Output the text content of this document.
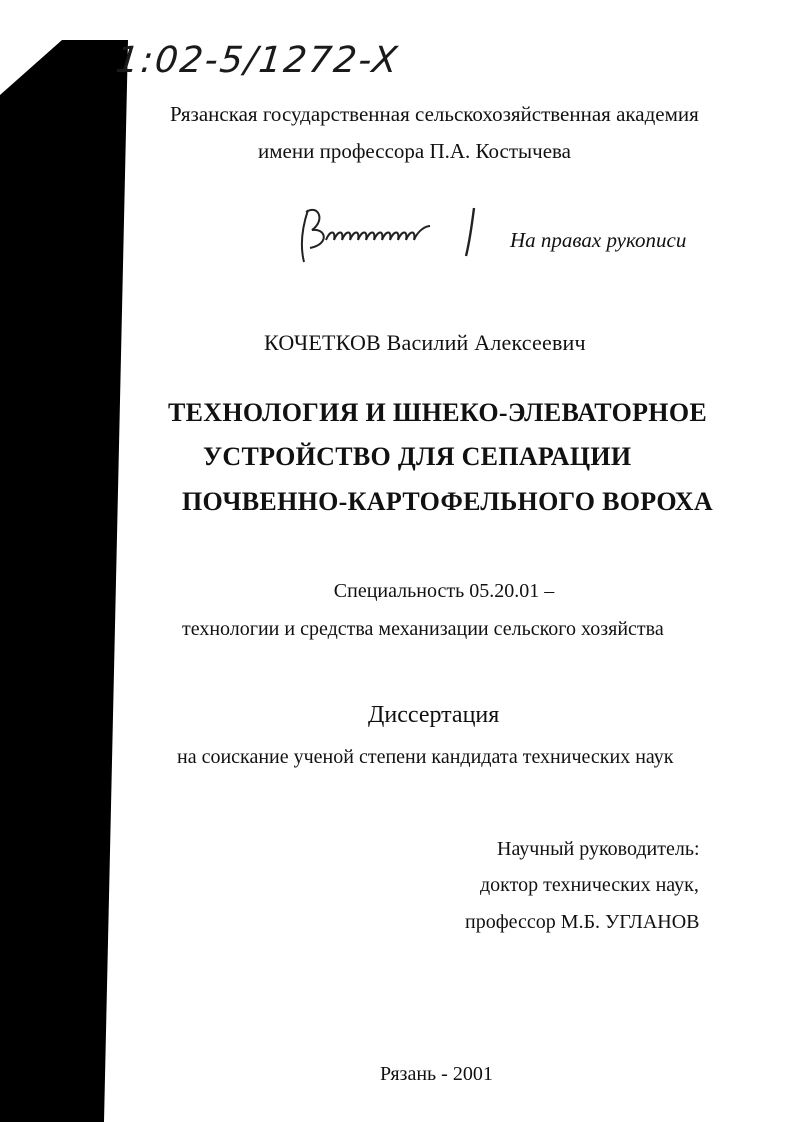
1:02-5/1272-X
Рязанская государственная сельскохозяйственная академия
имени профессора П.А. Костычева
На правах рукописи
КОЧЕТКОВ Василий Алексеевич
ТЕХНОЛОГИЯ И ШНЕКО-ЭЛЕВАТОРНОЕ
УСТРОЙСТВО ДЛЯ СЕПАРАЦИИ
ПОЧВЕННО-КАРТОФЕЛЬНОГО ВОРОХА
Специальность 05.20.01 –
технологии и средства механизации сельского хозяйства
Диссертация
на соискание ученой степени кандидата технических наук
Научный руководитель:
доктор технических наук,
профессор М.Б. УГЛАНОВ
Рязань - 2001
